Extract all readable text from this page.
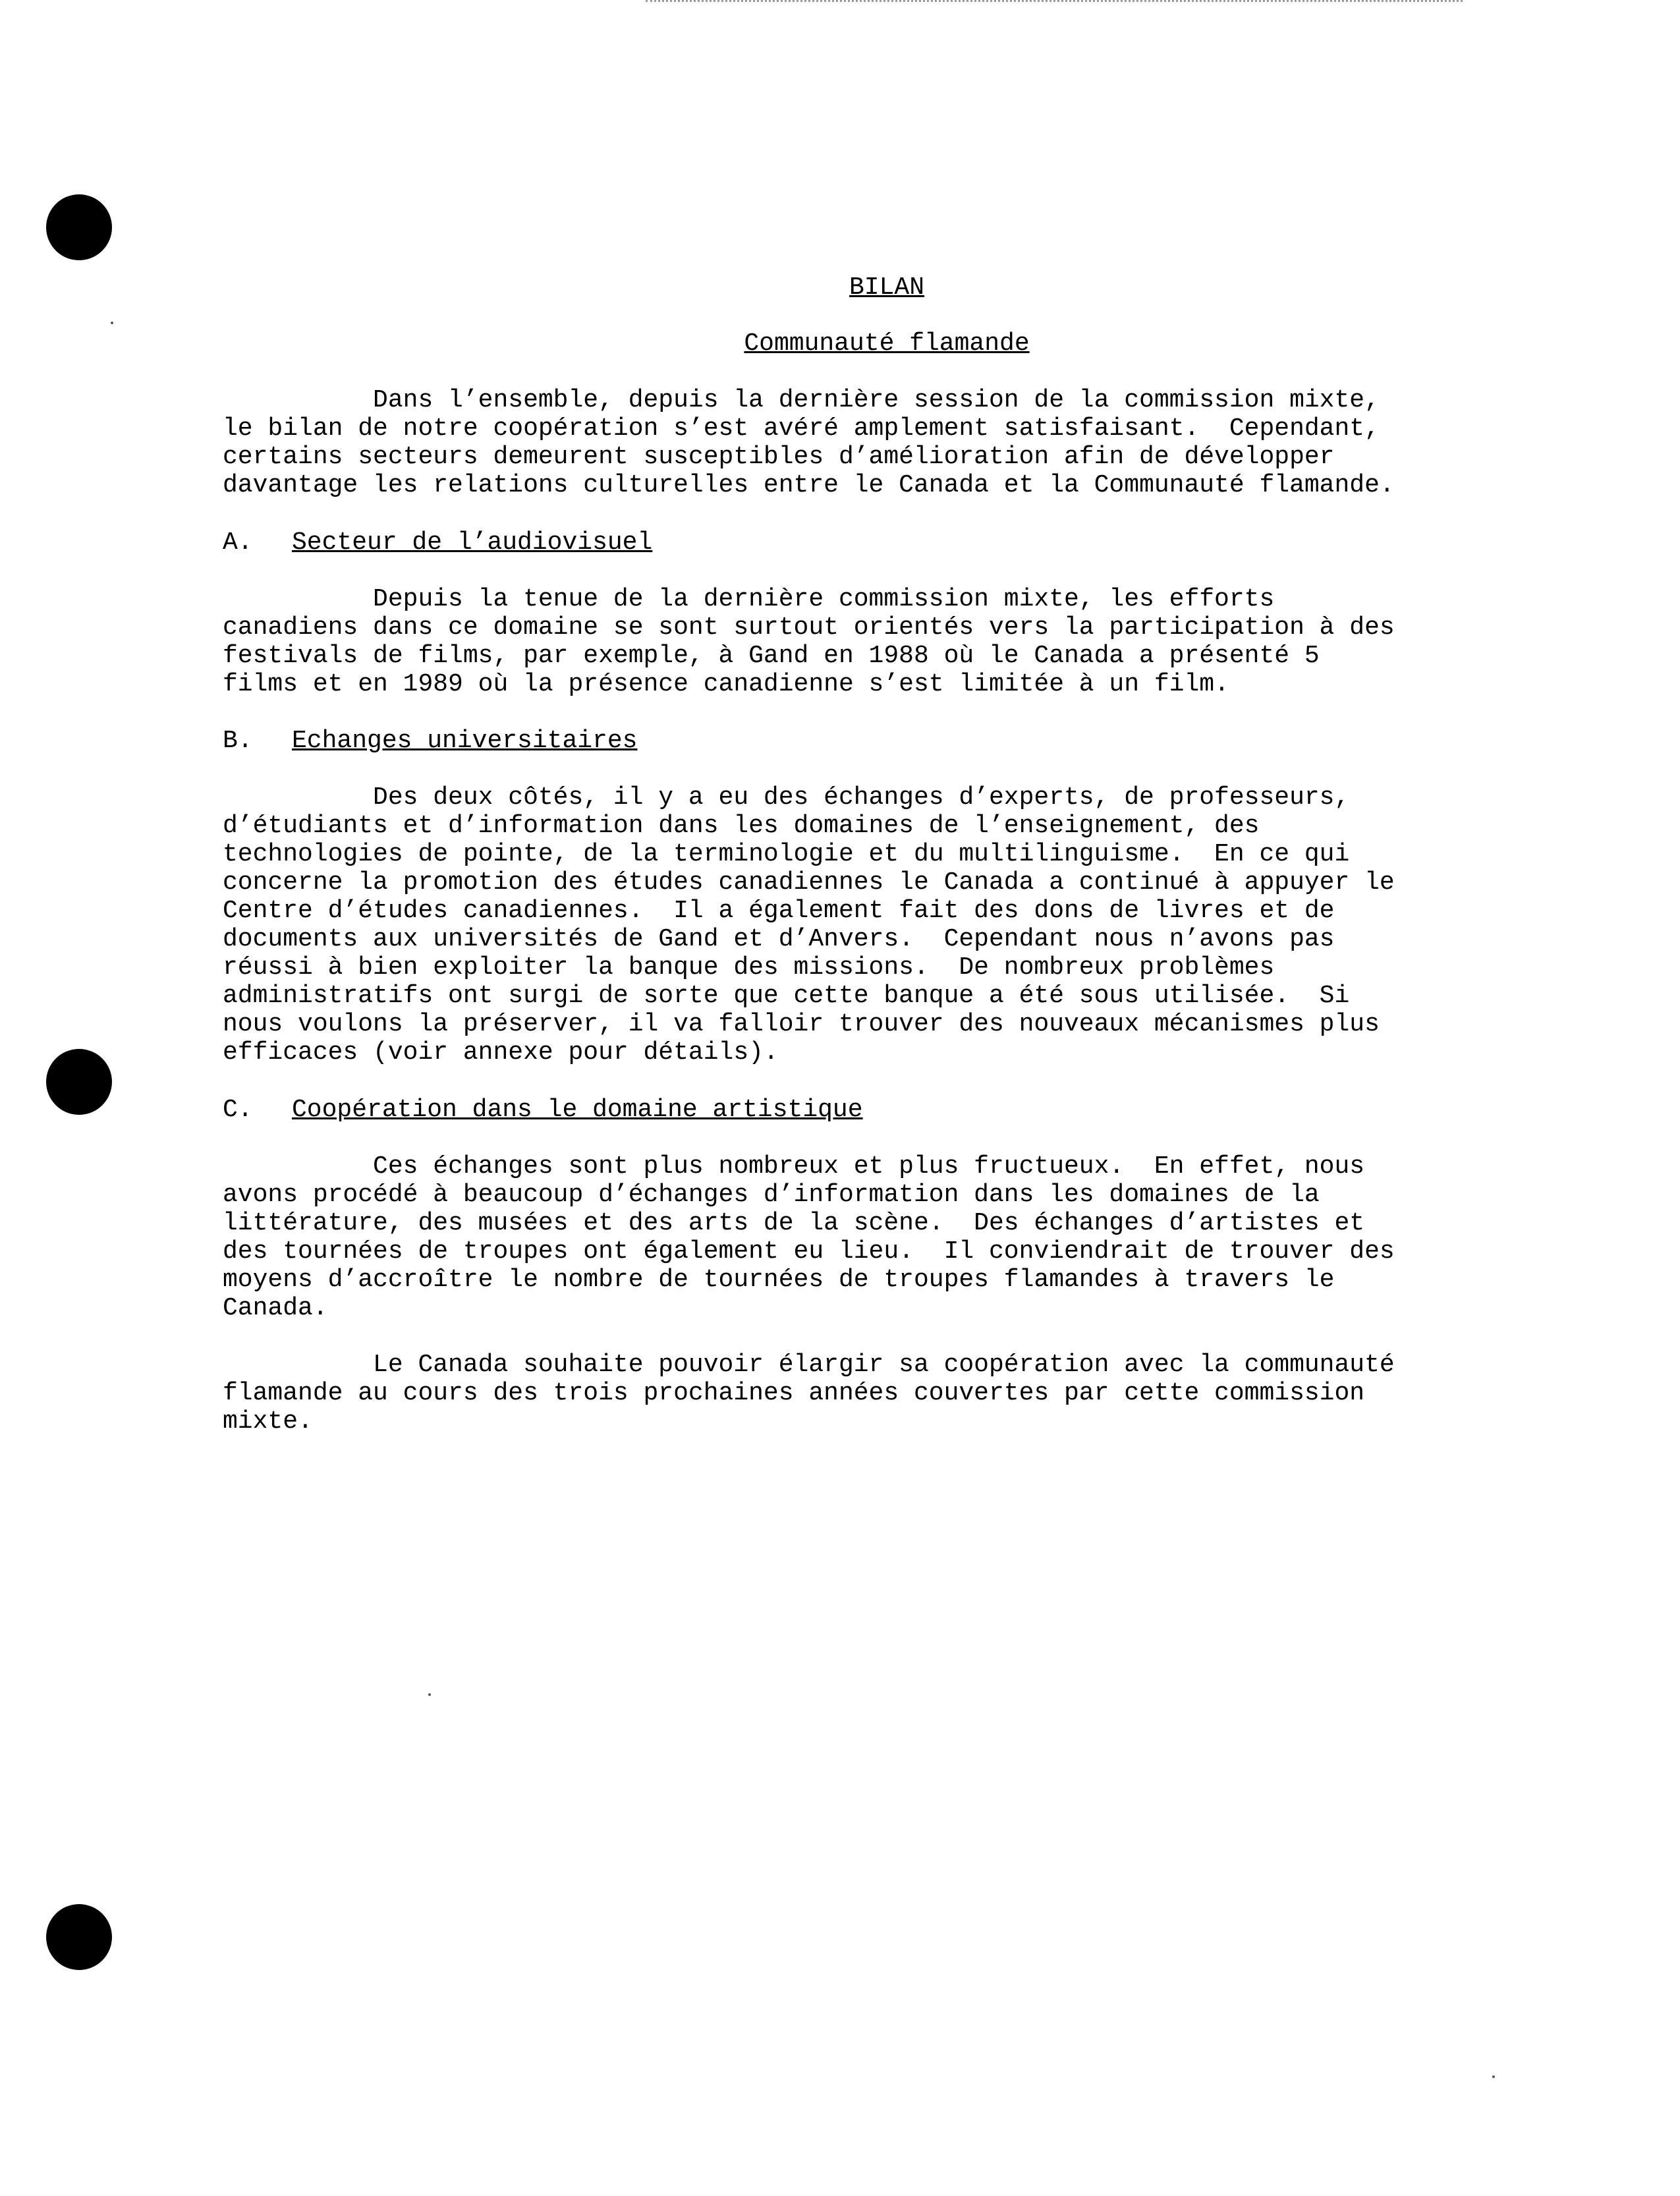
BILAN
Communauté flamande

Dans l’ensemble, depuis la dernière session de la commission mixte,
le bilan de notre coopération s’est avéré amplement satisfaisant.  Cependant,
certains secteurs demeurent susceptibles d’amélioration afin de développer
davantage les relations culturelles entre le Canada et la Communauté flamande.

A. Secteur de l’audiovisuel

Depuis la tenue de la dernière commission mixte, les efforts
canadiens dans ce domaine se sont surtout orientés vers la participation à des
festivals de films, par exemple, à Gand en 1988 où le Canada a présenté 5
films et en 1989 où la présence canadienne s’est limitée à un film.

B. Echanges universitaires

Des deux côtés, il y a eu des échanges d’experts, de professeurs,
d’étudiants et d’information dans les domaines de l’enseignement, des
technologies de pointe, de la terminologie et du multilinguisme.  En ce qui
concerne la promotion des études canadiennes le Canada a continué à appuyer le
Centre d’études canadiennes.  Il a également fait des dons de livres et de
documents aux universités de Gand et d’Anvers.  Cependant nous n’avons pas
réussi à bien exploiter la banque des missions.  De nombreux problèmes
administratifs ont surgi de sorte que cette banque a été sous utilisée.  Si
nous voulons la préserver, il va falloir trouver des nouveaux mécanismes plus
efficaces (voir annexe pour détails).

C. Coopération dans le domaine artistique

Ces échanges sont plus nombreux et plus fructueux.  En effet, nous
avons procédé à beaucoup d’échanges d’information dans les domaines de la
littérature, des musées et des arts de la scène.  Des échanges d’artistes et
des tournées de troupes ont également eu lieu.  Il conviendrait de trouver des
moyens d’accroître le nombre de tournées de troupes flamandes à travers le
Canada.

Le Canada souhaite pouvoir élargir sa coopération avec la communauté
flamande au cours des trois prochaines années couvertes par cette commission
mixte.
